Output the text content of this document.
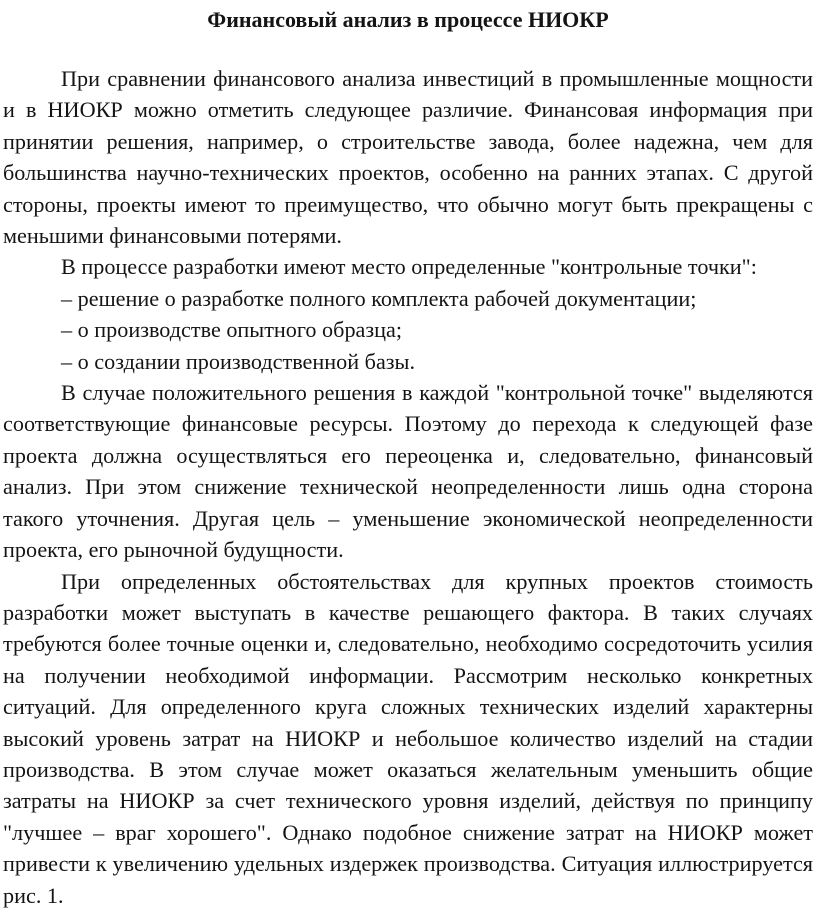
Финансовый анализ в процессе НИОКР

При сравнении финансового анализа инвестиций в промышленные мощности и в НИОКР можно отметить следующее различие. Финансовая информация при принятии решения, например, о строительстве завода, более надежна, чем для большинства научно-технических проектов, особенно на ранних этапах. С другой стороны, проекты имеют то преимущество, что обычно могут быть прекращены с меньшими финансовыми потерями.

В процессе разработки имеют место определенные "контрольные точки":

– решение о разработке полного комплекта рабочей документации;

– о производстве опытного образца;

– о создании производственной базы.

В случае положительного решения в каждой "контрольной точке" выделяются соответствующие финансовые ресурсы. Поэтому до перехода к следующей фазе проекта должна осуществляться его переоценка и, следовательно, финансовый анализ. При этом снижение технической неопределенности лишь одна сторона такого уточнения. Другая цель – уменьшение экономической неопределенности проекта, его рыночной будущности.

При определенных обстоятельствах для крупных проектов стоимость разработки может выступать в качестве решающего фактора. В таких случаях требуются более точные оценки и, следовательно, необходимо сосредоточить усилия на получении необходимой информации. Рассмотрим несколько конкретных ситуаций. Для определенного круга сложных технических изделий характерны высокий уровень затрат на НИОКР и небольшое количество изделий на стадии производства. В этом случае может оказаться желательным уменьшить общие затраты на НИОКР за счет технического уровня изделий, действуя по принципу "лучшее – враг хорошего". Однако подобное снижение затрат на НИОКР может привести к увеличению удельных издержек производства. Ситуация иллюстрируется рис. 1.
